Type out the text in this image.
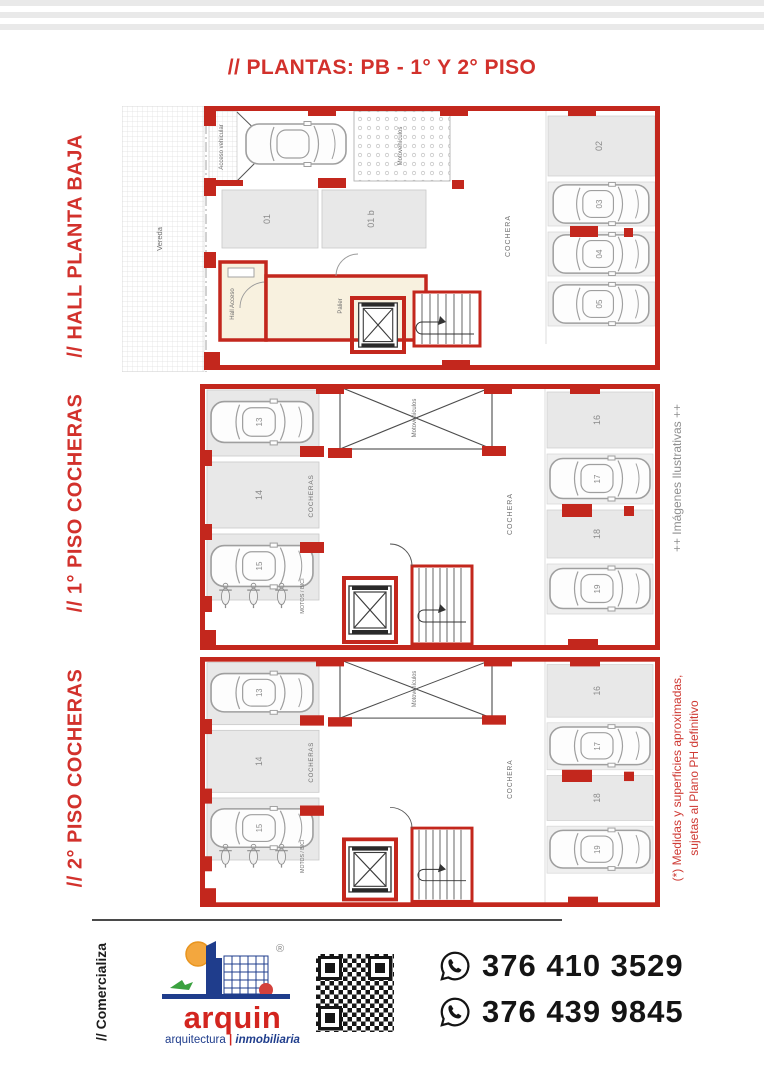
// PLANTAS: PB - 1° Y 2° PISO
// HALL PLANTA BAJA
// 1° PISO COCHERAS
// 2° PISO COCHERAS
++ Imágenes Ilustrativas ++
(*) Medidas y superficies aproximadas, sujetas al Plano PH definitivo
Vereda
Acceso vehicular	Motovehículos
01	01 b	COCHERA
02
03
04
05
Hall Acceso	Palier
13
14
15
COCHERAS
MOTOS / BICI
Motovehículos
COCHERA
16
17
18
19
13
14
15
COCHERAS
MOTOS / BICI
Motovehículos
COCHERA
16
17
18
19
// Comercializa	®
arquin
arquitectura | inmobiliaria
376 410 3529
376 439 9845
